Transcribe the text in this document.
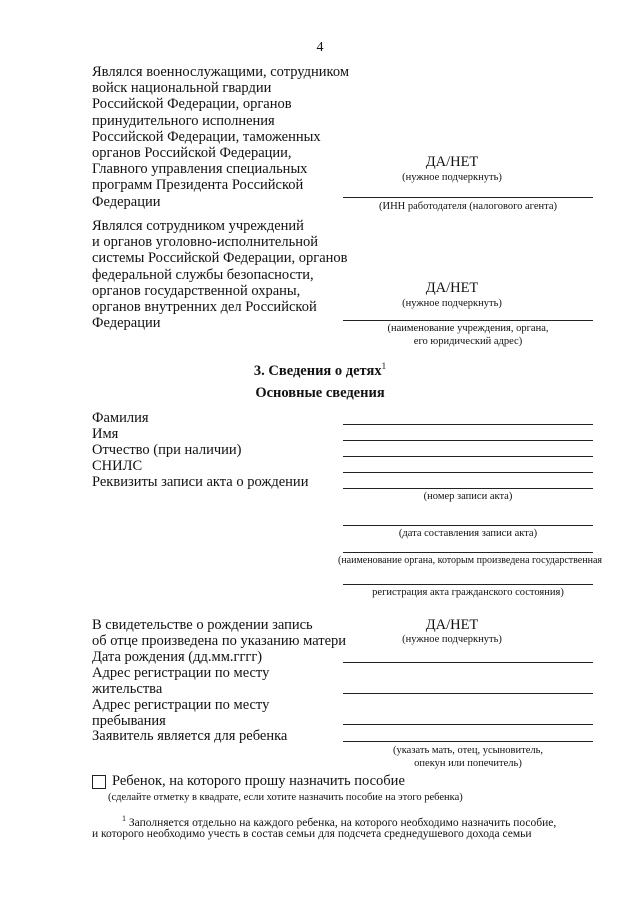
4
Являлся военнослужащими, сотрудником
войск национальной гвардии
Российской Федерации, органов
принудительного исполнения
Российской Федерации, таможенных
органов Российской Федерации,
Главного управления специальных
программ Президента Российской
Федерации
ДА/НЕТ
(нужное подчеркнуть)
(ИНН работодателя (налогового агента)
Являлся сотрудником учреждений
и органов уголовно-исполнительной
системы Российской Федерации, органов
федеральной службы безопасности,
органов государственной охраны,
органов внутренних дел Российской
Федерации
ДА/НЕТ
(нужное подчеркнуть)
(наименование учреждения, органа,
его юридический адрес)
3. Сведения о детях$^1$
Основные сведения
Фамилия
Имя
Отчество (при наличии)
СНИЛС
Реквизиты записи акта о рождении
(номер записи акта)
(дата составления записи акта)
(наименование органа, которым произведена государственная
регистрация акта гражданского состояния)
В свидетельстве о рождении запись
об отце произведена по указанию матери
ДА/НЕТ
(нужное подчеркнуть)
Дата рождения (дд.мм.гггг)
Адрес регистрации по месту
жительства
Адрес регистрации по месту
пребывания
Заявитель является для ребенка
(указать мать, отец, усыновитель,
опекун или попечитель)
Ребенок, на которого прошу назначить пособие
(сделайте отметку в квадрате, если хотите назначить пособие на этого ребенка)
$^1$ Заполняется отдельно на каждого ребенка, на которого необходимо назначить пособие,
и которого необходимо учесть в состав семьи для подсчета среднедушевого дохода семьи
